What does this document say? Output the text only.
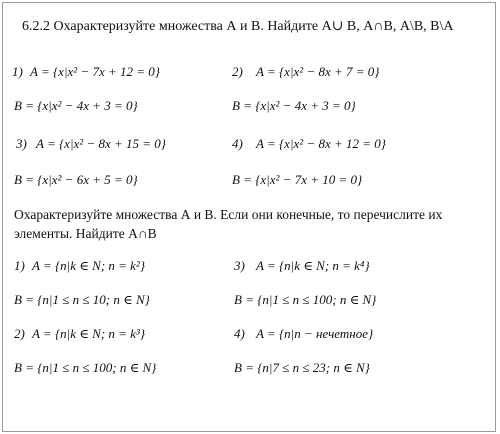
6.2.2 Охарактеризуйте множества А и В. Найдите А∪ В, А∩В, А\В, В\А
1) A = {x|x² − 7x + 12 = 0}
B = {x|x² − 4x + 3 = 0}
2) A = {x|x² − 8x + 7 = 0}
B = {x|x² − 4x + 3 = 0}
3) A = {x|x² − 8x + 15 = 0}
B = {x|x² − 6x + 5 = 0}
4) A = {x|x² − 8x + 12 = 0}
B = {x|x² − 7x + 10 = 0}
Охарактеризуйте множества А и В. Если они конечные, то перечислите их элементы. Найдите А∩В
1) A = {n|k ∈ N; n = k²}
B = {n|1 ≤ n ≤ 10; n ∈ N}
3) A = {n|k ∈ N; n = k⁴}
B = {n|1 ≤ n ≤ 100; n ∈ N}
2) A = {n|k ∈ N; n = k³}
B = {n|1 ≤ n ≤ 100; n ∈ N}
4) A = {n|n − нечетное}
B = {n|7 ≤ n ≤ 23; n ∈ N}
